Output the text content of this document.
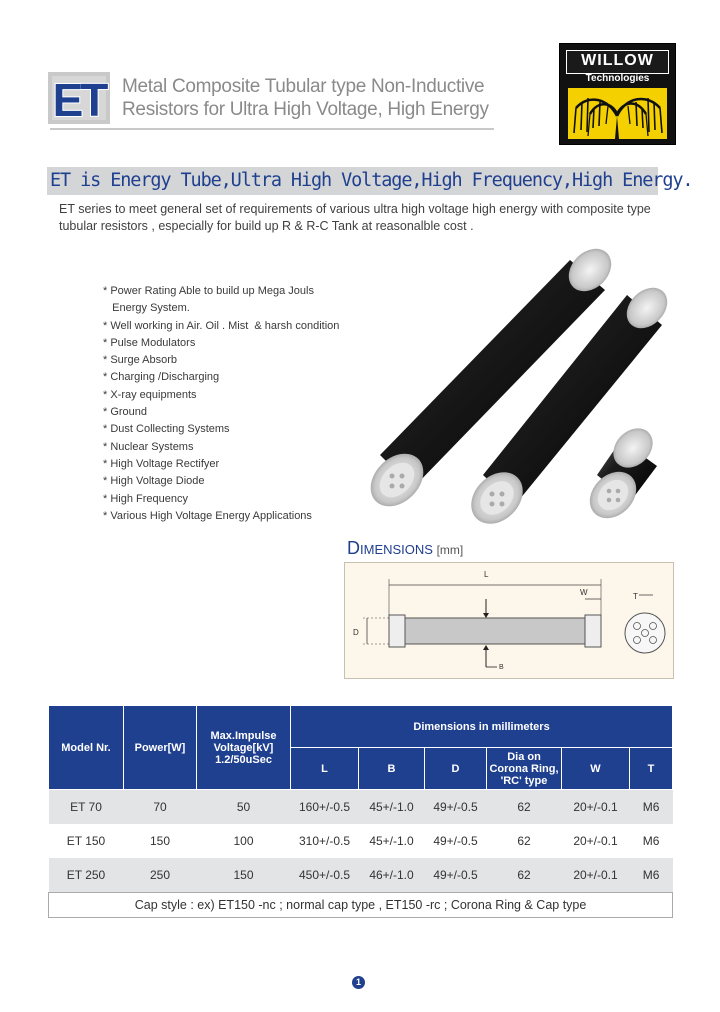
ET Metal Composite Tubular type Non-Inductive
Resistors for Ultra High Voltage, High Energy
WILLOW
Technologies
ET is Energy Tube,Ultra High Voltage,High Frequency,High Energy.
ET series to meet general set of requirements of various ultra high voltage high energy with composite type
tubular resistors , especially for build up R & R-C Tank at reasonalble cost .
* Power Rating Able to build up Mega Jouls
Energy System.
* Well working in Air. Oil . Mist  & harsh condition
* Pulse Modulators
* Surge Absorb
* Charging /Discharging
* X-ray equipments
* Ground
* Dust Collecting Systems
* Nuclear Systems
* High Voltage Rectifyer
* High Voltage Diode
* High Frequency
* Various High Voltage Energy Applications
DIMENSIONS [mm]
L
W
D
B
T
Model Nr.	Power[W]	Max.Impulse
Voltage[kV]
1.2/50uSec	Dimensions in millimeters					
			L	B	D	Dia on
Corona Ring,
'RC' type	W	T
ET 70	70	50	160+/-0.5	45+/-1.0	49+/-0.5	62	20+/-0.1	M6
ET 150	150	100	310+/-0.5	45+/-1.0	49+/-0.5	62	20+/-0.1	M6
ET 250	250	150	450+/-0.5	46+/-1.0	49+/-0.5	62	20+/-0.1	M6
Cap style : ex) ET150 -nc ; normal cap type , ET150 -rc ; Corona Ring & Cap type								
1
